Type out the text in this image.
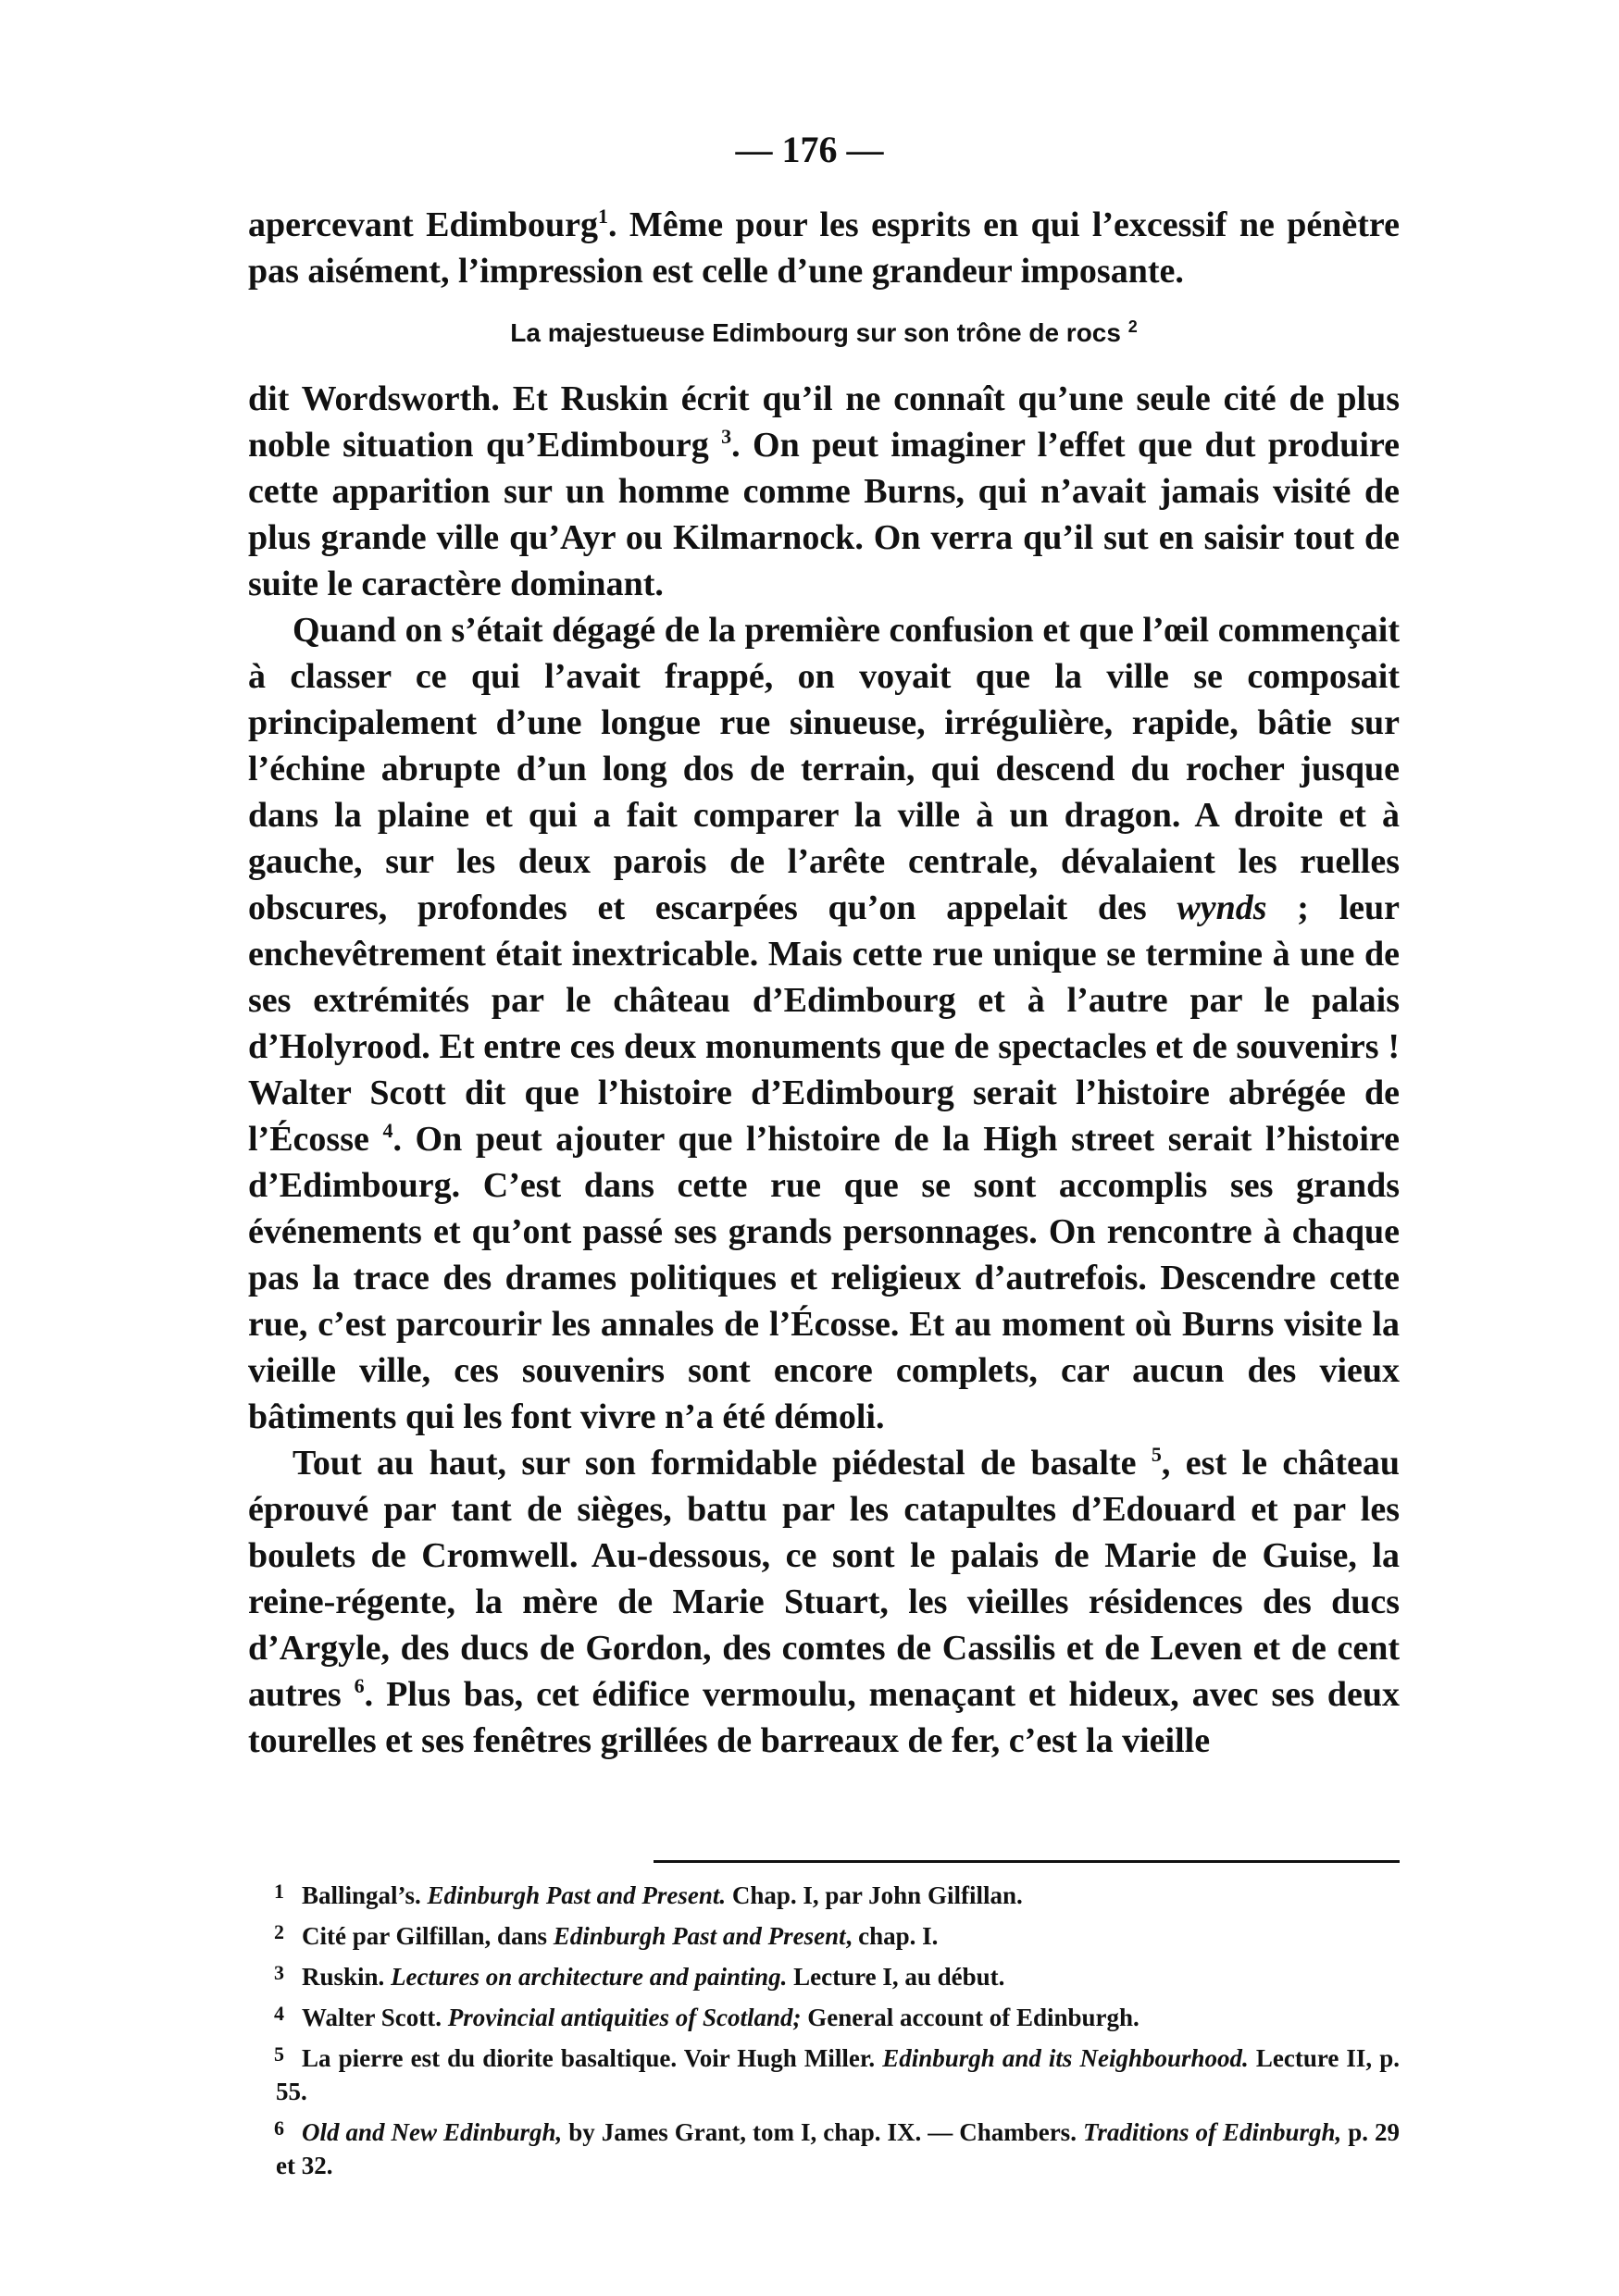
— 176 —

apercevant Edimbourg$^1$. Même pour les esprits en qui l’excessif ne pénètre pas aisément, l’impression est celle d’une grandeur imposante.

La majestueuse Edimbourg sur son trône de rocs $^2$

dit Wordsworth. Et Ruskin écrit qu’il ne connaît qu’une seule cité de plus noble situation qu’Edimbourg $^3$. On peut imaginer l’effet que dut produire cette apparition sur un homme comme Burns, qui n’avait jamais visité de plus grande ville qu’Ayr ou Kilmarnock. On verra qu’il sut en saisir tout de suite le caractère dominant.

Quand on s’était dégagé de la première confusion et que l’œil commençait à classer ce qui l’avait frappé, on voyait que la ville se composait principalement d’une longue rue sinueuse, irrégulière, rapide, bâtie sur l’échine abrupte d’un long dos de terrain, qui descend du rocher jusque dans la plaine et qui a fait comparer la ville à un dragon. A droite et à gauche, sur les deux parois de l’arête centrale, dévalaient les ruelles obscures, profondes et escarpées qu’on appelait des wynds ; leur enchevêtrement était inextricable. Mais cette rue unique se termine à une de ses extrémités par le château d’Edimbourg et à l’autre par le palais d’Holyrood. Et entre ces deux monuments que de spectacles et de souvenirs ! Walter Scott dit que l’histoire d’Edimbourg serait l’histoire abrégée de l’Écosse $^4$. On peut ajouter que l’histoire de la High street serait l’histoire d’Edimbourg. C’est dans cette rue que se sont accomplis ses grands événements et qu’ont passé ses grands personnages. On rencontre à chaque pas la trace des drames politiques et religieux d’autrefois. Descendre cette rue, c’est parcourir les annales de l’Écosse. Et au moment où Burns visite la vieille ville, ces souvenirs sont encore complets, car aucun des vieux bâtiments qui les font vivre n’a été démoli.

Tout au haut, sur son formidable piédestal de basalte $^5$, est le château éprouvé par tant de sièges, battu par les catapultes d’Edouard et par les boulets de Cromwell. Au-dessous, ce sont le palais de Marie de Guise, la reine-régente, la mère de Marie Stuart, les vieilles résidences des ducs d’Argyle, des ducs de Gordon, des comtes de Cassilis et de Leven et de cent autres $^6$. Plus bas, cet édifice vermoulu, menaçant et hideux, avec ses deux tourelles et ses fenêtres grillées de barreaux de fer, c’est la vieille

1 Ballingal’s. Edinburgh Past and Present. Chap. I, par John Gilfillan.
2 Cité par Gilfillan, dans Edinburgh Past and Present, chap. I.
3 Ruskin. Lectures on architecture and painting. Lecture I, au début.
4 Walter Scott. Provincial antiquities of Scotland; General account of Edinburgh.
5 La pierre est du diorite basaltique. Voir Hugh Miller. Edinburgh and its Neighbourhood. Lecture II, p. 55.
6 Old and New Edinburgh, by James Grant, tom I, chap. IX. — Chambers. Traditions of Edinburgh, p. 29 et 32.
